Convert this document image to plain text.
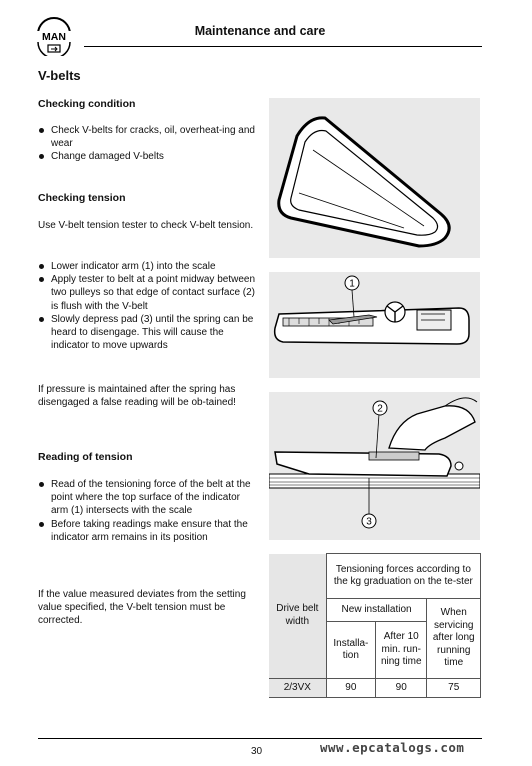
MAN	Maintenance and care
V-belts
Checking condition
Check V-belts for cracks, oil, overheat-ing and wear
Change damaged V-belts
Checking tension
Use V-belt tension tester to check V-belt tension.
Lower indicator arm (1) into the scale
Apply tester to belt at a point midway between two pulleys so that edge of contact surface (2) is flush with the V-belt
Slowly depress pad (3) until the spring can be heard to disengage. This will cause the indicator to move upwards
If pressure is maintained after the spring has disengaged a false reading will be ob-tained!
Reading of tension
Read of the tensioning force of the belt at the point where the top surface of the indicator arm (1) intersects with the scale
Before taking readings make ensure that the indicator arm remains in its position
If the value measured deviates from the setting value specified, the V-belt tension must be corrected.
1
2
3
Drive belt width	Tensioning forces according to the kg graduation on the te-ster		
	New installation		When servicing after long running time
	Installa-tion	After 10 min. run-ning time	
2/3VX	90	90	75
30	www.epcatalogs.com
